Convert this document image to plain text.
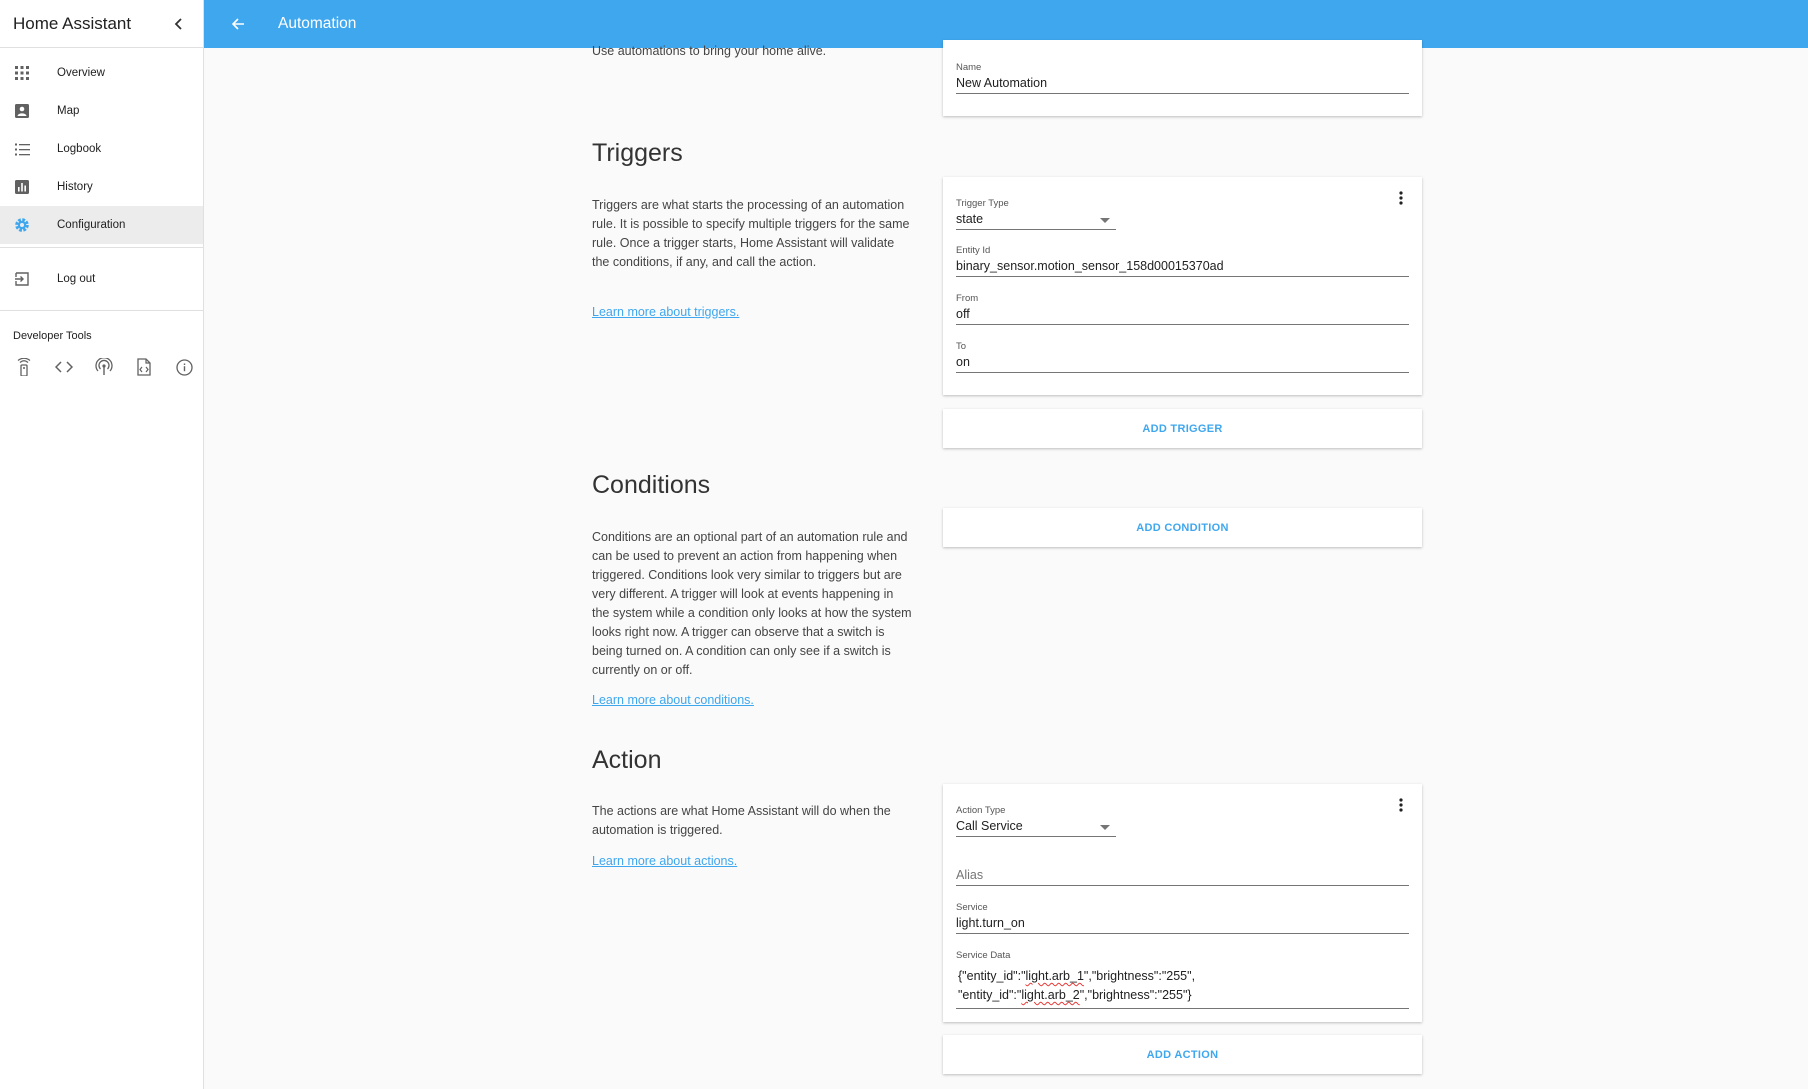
Home Assistant
Overview
Map
Logbook
History
Configuration
Log out
Developer Tools
Automation
Use automations to bring your home alive.
Name
New Automation
Triggers
Triggers are what starts the processing of an automation rule. It is possible to specify multiple triggers for the same rule. Once a trigger starts, Home Assistant will validate the conditions, if any, and call the action.
Learn more about triggers.
Trigger Type
state
Entity Id
binary_sensor.motion_sensor_158d00015370ad
From
off
To
on
ADD TRIGGER
Conditions
Conditions are an optional part of an automation rule and can be used to prevent an action from happening when triggered. Conditions look very similar to triggers but are very different. A trigger will look at events happening in the system while a condition only looks at how the system looks right now. A trigger can observe that a switch is being turned on. A condition can only see if a switch is currently on or off.
Learn more about conditions.
ADD CONDITION
Action
The actions are what Home Assistant will do when the automation is triggered.
Learn more about actions.
Action Type
Call Service
Alias
Service
light.turn_on
Service Data
{"entity_id":"light.arb_1","brightness":"255",
"entity_id":"light.arb_2","brightness":"255"}
ADD ACTION
